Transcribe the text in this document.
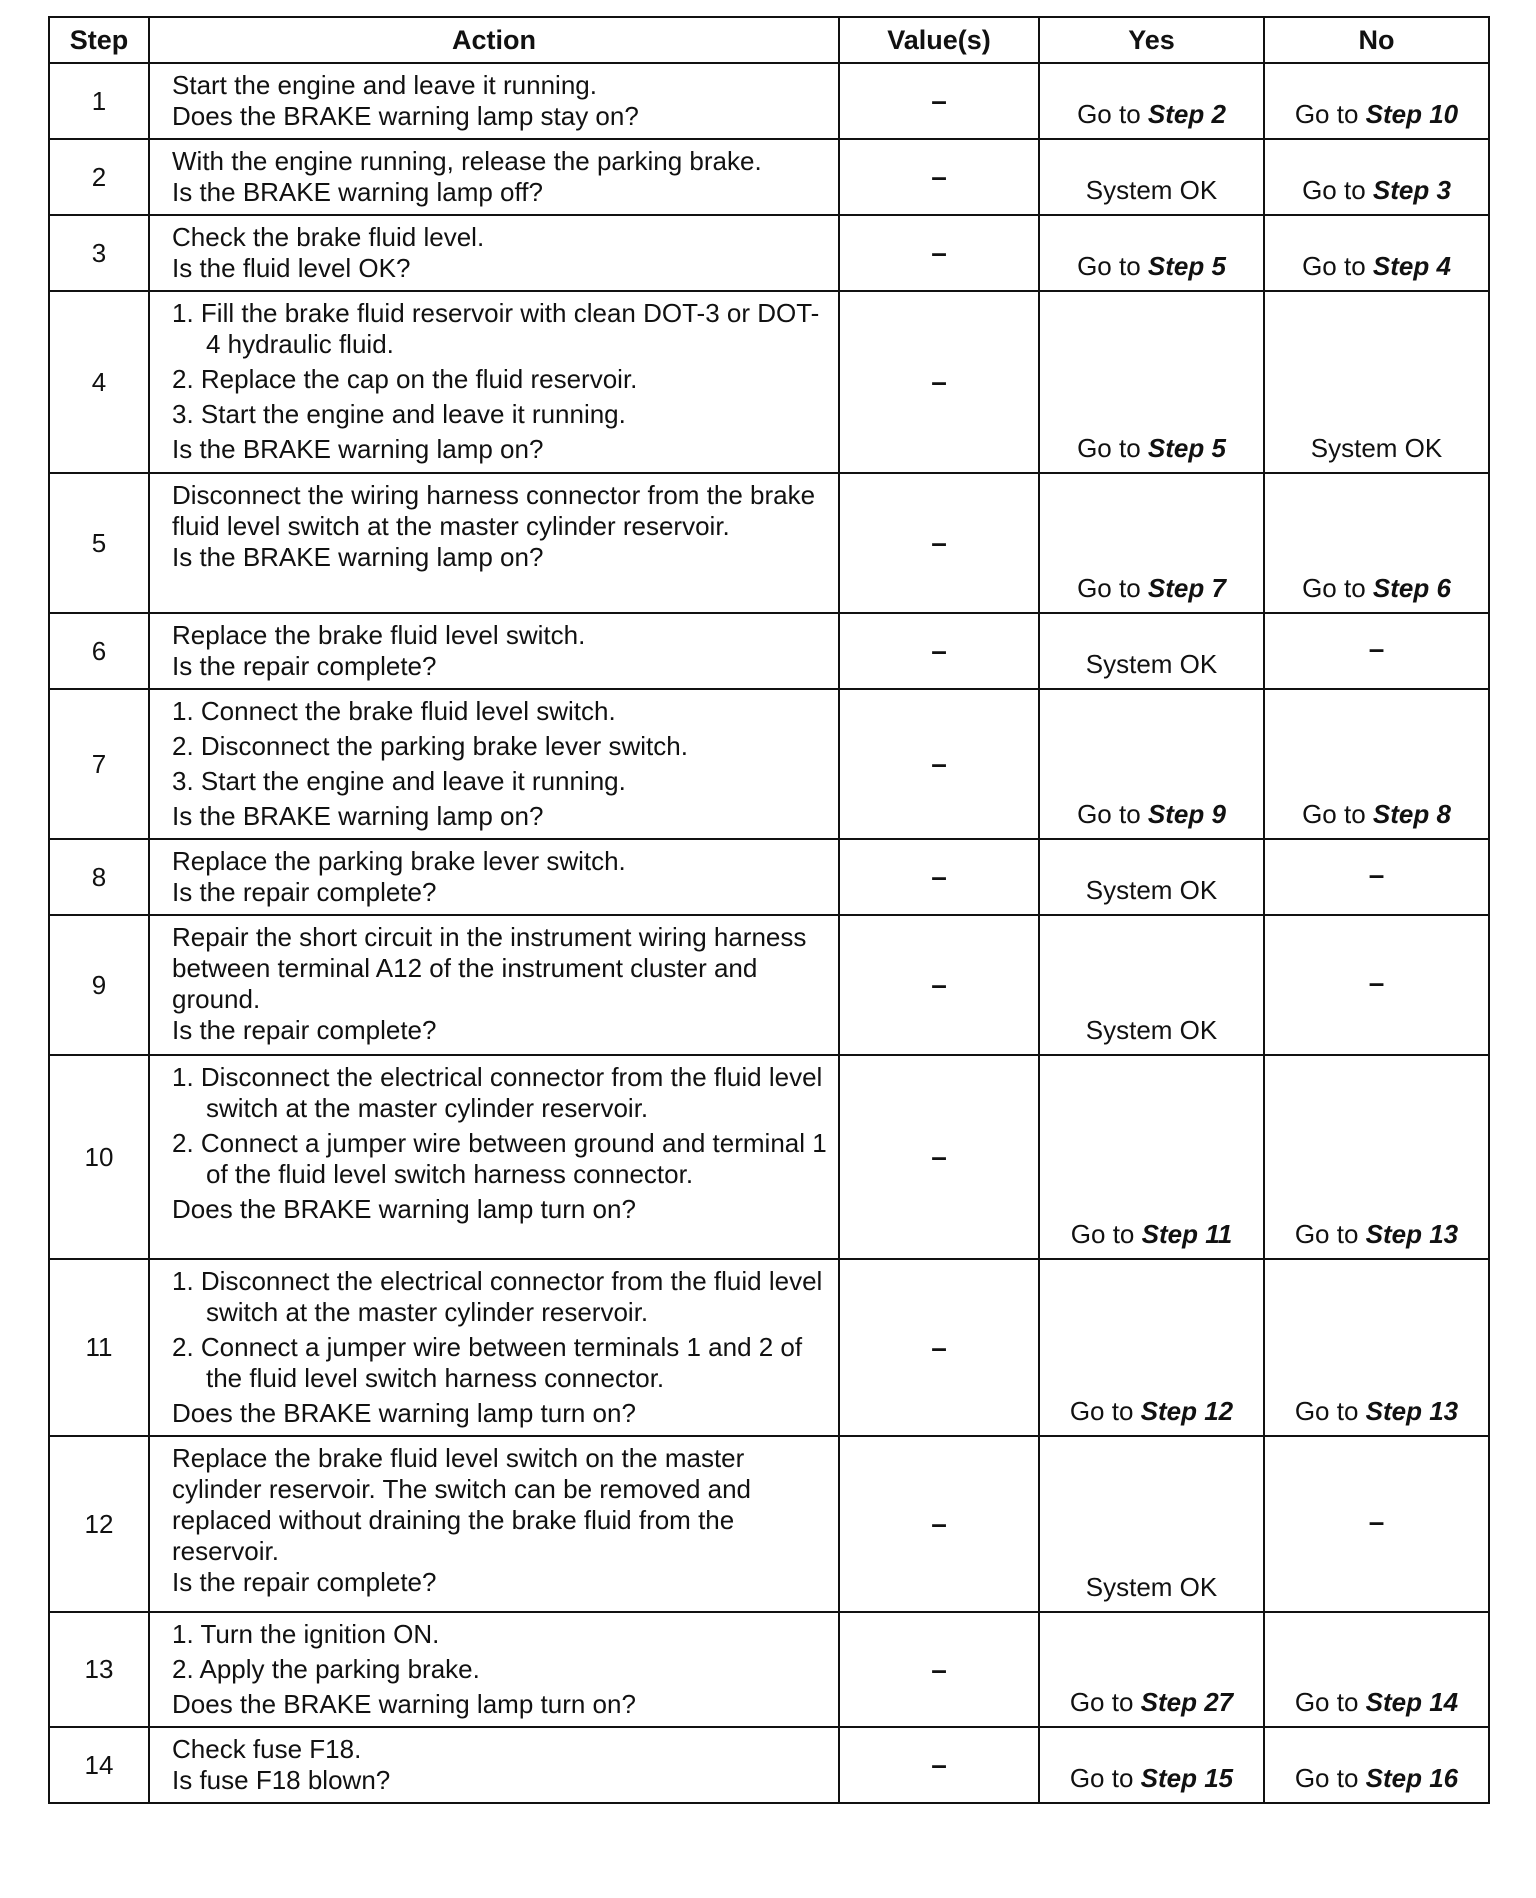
Step	Action	Value(s)	Yes	No
1	Start the engine and leave it running.
Does the BRAKE warning lamp stay on?	–	Go to Step 2	Go to Step 10
2	With the engine running, release the parking brake.
Is the BRAKE warning lamp off?	–	System OK	Go to Step 3
3	Check the brake fluid level.
Is the fluid level OK?	–	Go to Step 5	Go to Step 4
4	1. Fill the brake fluid reservoir with clean DOT-3 or DOT-4 hydraulic fluid.
2. Replace the cap on the fluid reservoir.
3. Start the engine and leave it running.
Is the BRAKE warning lamp on?	–	Go to Step 5	System OK
5	Disconnect the wiring harness connector from the brake fluid level switch at the master cylinder reservoir.
Is the BRAKE warning lamp on?	–	Go to Step 7	Go to Step 6
6	Replace the brake fluid level switch.
Is the repair complete?	–	System OK	–
7	1. Connect the brake fluid level switch.
2. Disconnect the parking brake lever switch.
3. Start the engine and leave it running.
Is the BRAKE warning lamp on?	–	Go to Step 9	Go to Step 8
8	Replace the parking brake lever switch.
Is the repair complete?	–	System OK	–
9	Repair the short circuit in the instrument wiring harness between terminal A12 of the instrument cluster and ground.
Is the repair complete?	–	System OK	–
10	1. Disconnect the electrical connector from the fluid level switch at the master cylinder reservoir.
2. Connect a jumper wire between ground and terminal 1 of the fluid level switch harness connector.
Does the BRAKE warning lamp turn on?	–	Go to Step 11	Go to Step 13
11	1. Disconnect the electrical connector from the fluid level switch at the master cylinder reservoir.
2. Connect a jumper wire between terminals 1 and 2 of the fluid level switch harness connector.
Does the BRAKE warning lamp turn on?	–	Go to Step 12	Go to Step 13
12	Replace the brake fluid level switch on the master cylinder reservoir. The switch can be removed and replaced without draining the brake fluid from the reservoir.
Is the repair complete?	–	System OK	–
13	1. Turn the ignition ON.
2. Apply the parking brake.
Does the BRAKE warning lamp turn on?	–	Go to Step 27	Go to Step 14
14	Check fuse F18.
Is fuse F18 blown?	–	Go to Step 15	Go to Step 16
